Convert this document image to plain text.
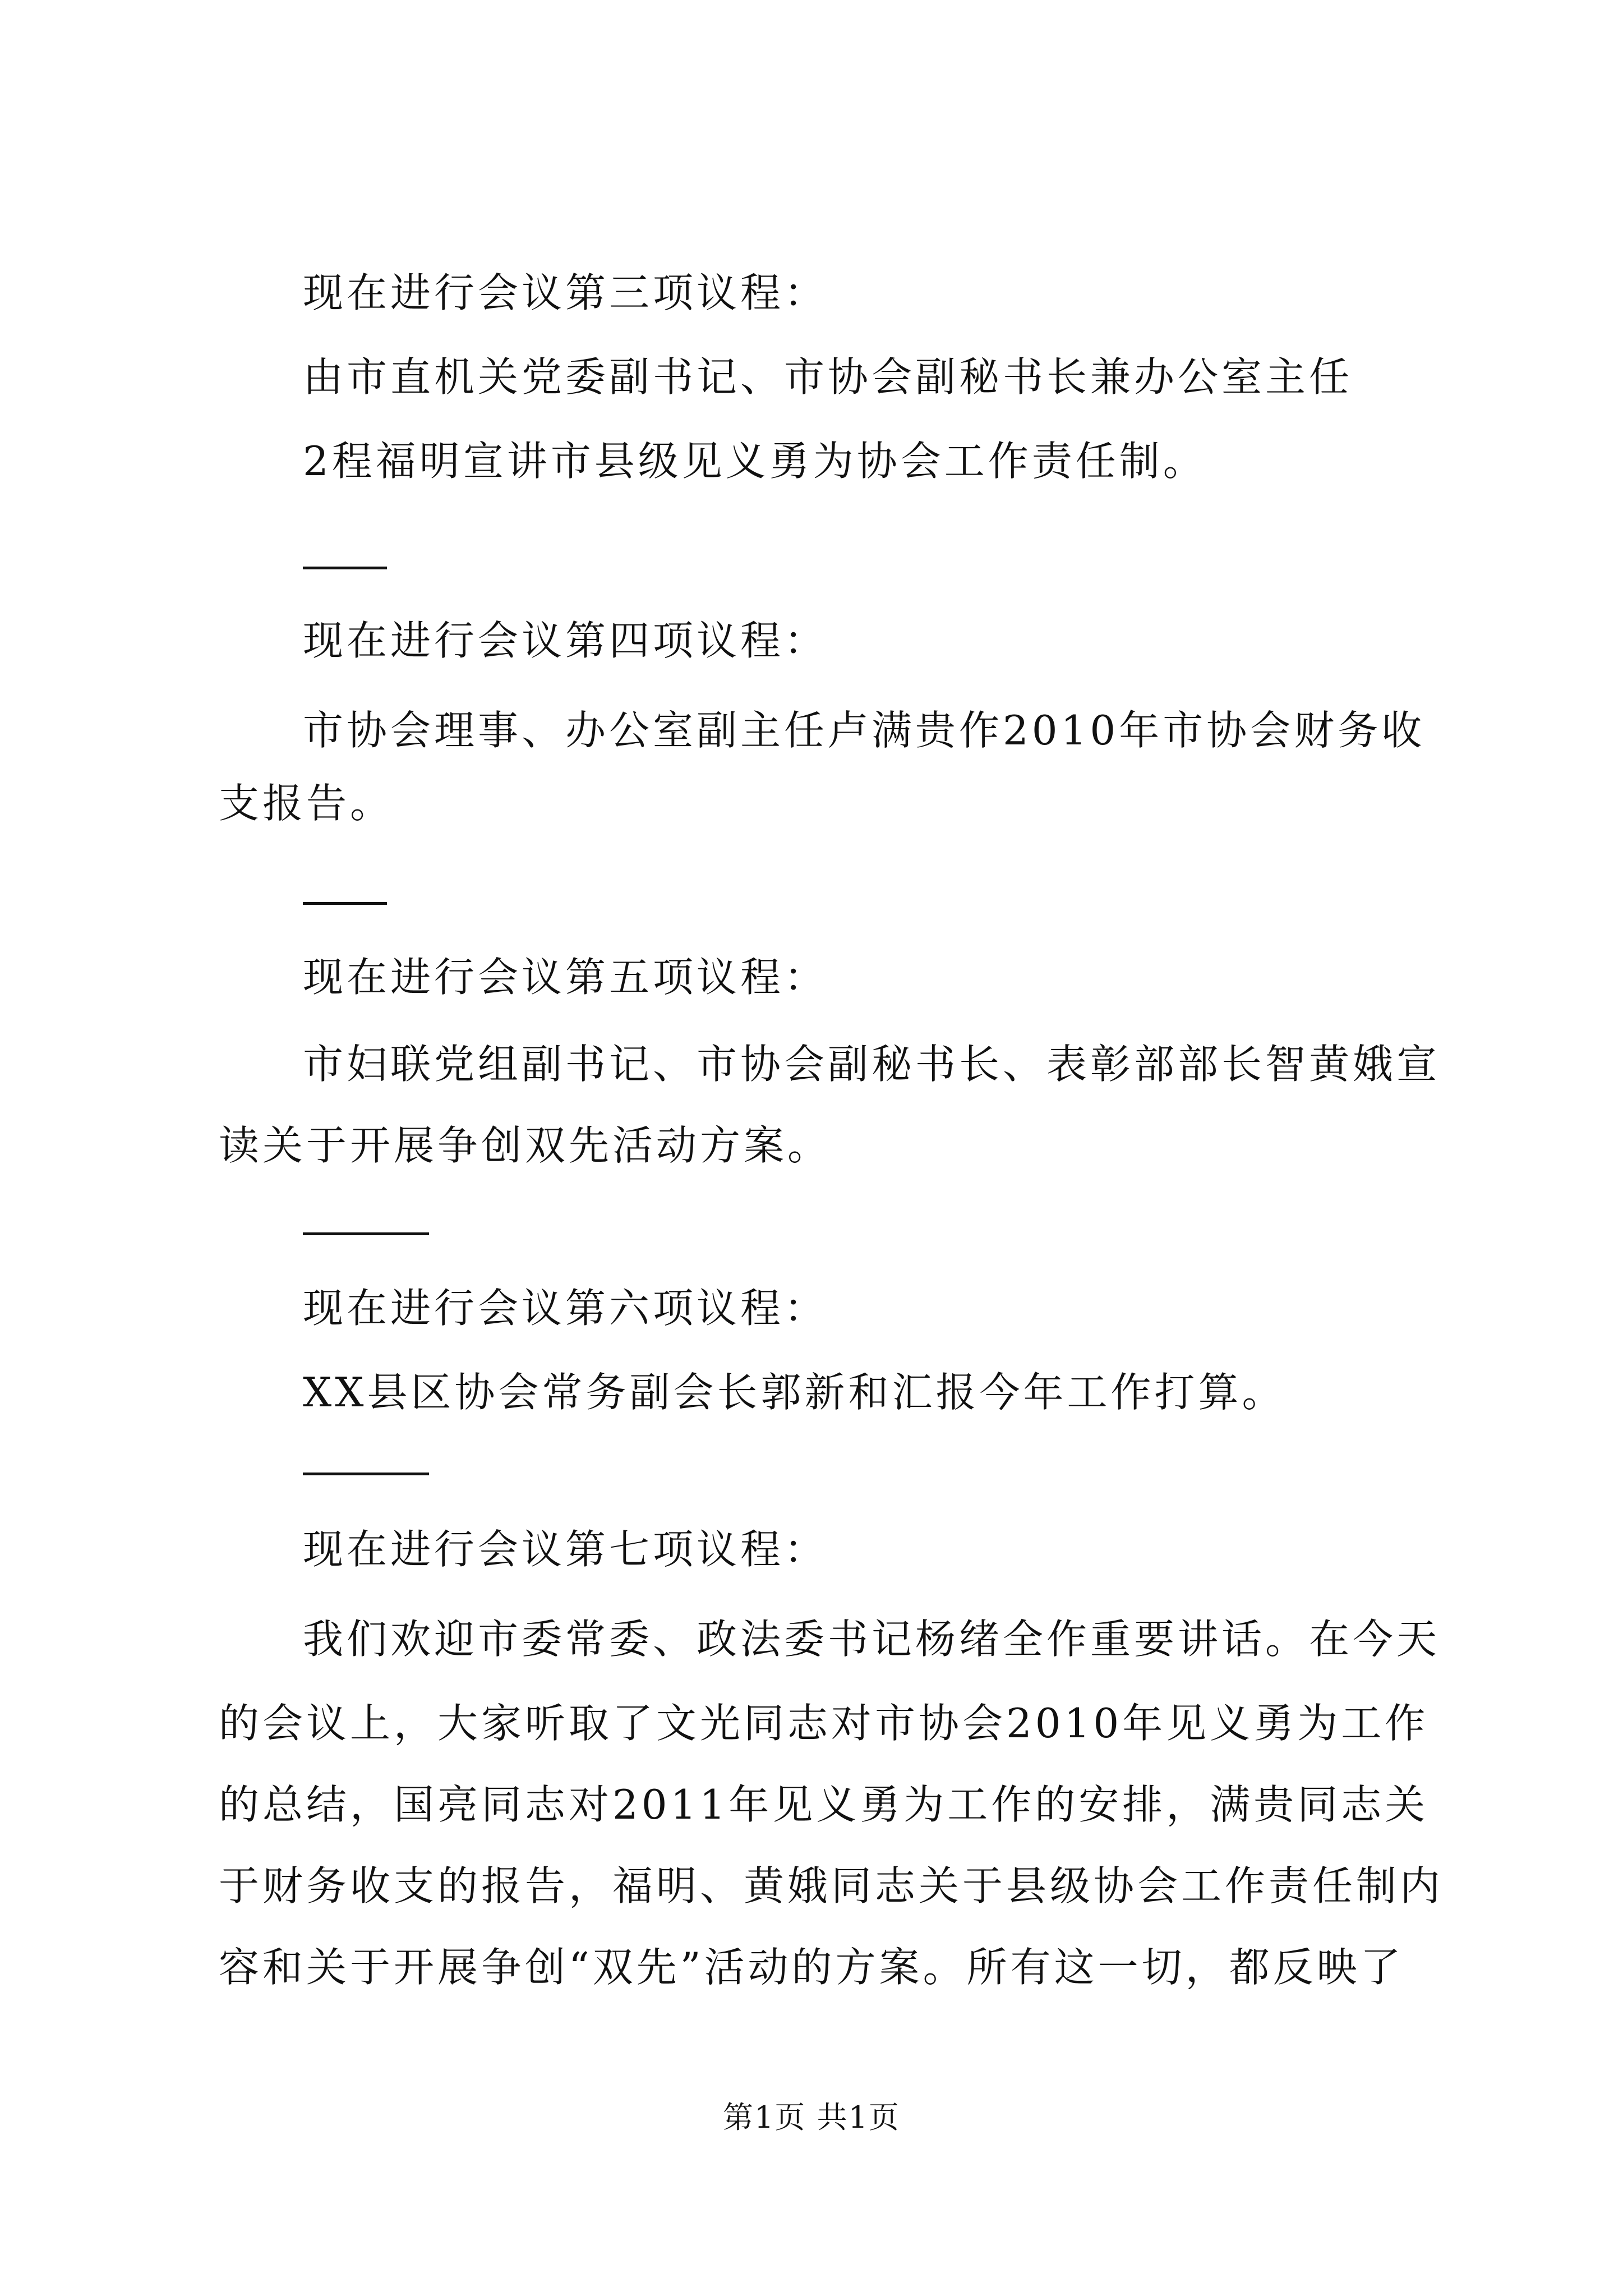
现在进行会议第三项议程：
由市直机关党委副书记、市协会副秘书长兼办公室主任
2程福明宣讲市县级见义勇为协会工作责任制。
现在进行会议第四项议程：
市协会理事、办公室副主任卢满贵作2010年市协会财务收
支报告。
现在进行会议第五项议程：
市妇联党组副书记、市协会副秘书长、表彰部部长智黄娥宣
读关于开展争创双先活动方案。
现在进行会议第六项议程：
XX县区协会常务副会长郭新和汇报今年工作打算。
现在进行会议第七项议程：
我们欢迎市委常委、政法委书记杨绪全作重要讲话。在今天
的会议上，大家听取了文光同志对市协会2010年见义勇为工作
的总结，国亮同志对2011年见义勇为工作的安排，满贵同志关
于财务收支的报告，福明、黄娥同志关于县级协会工作责任制内
容和关于开展争创“双先”活动的方案。所有这一切，都反映了
第1页 共1页
